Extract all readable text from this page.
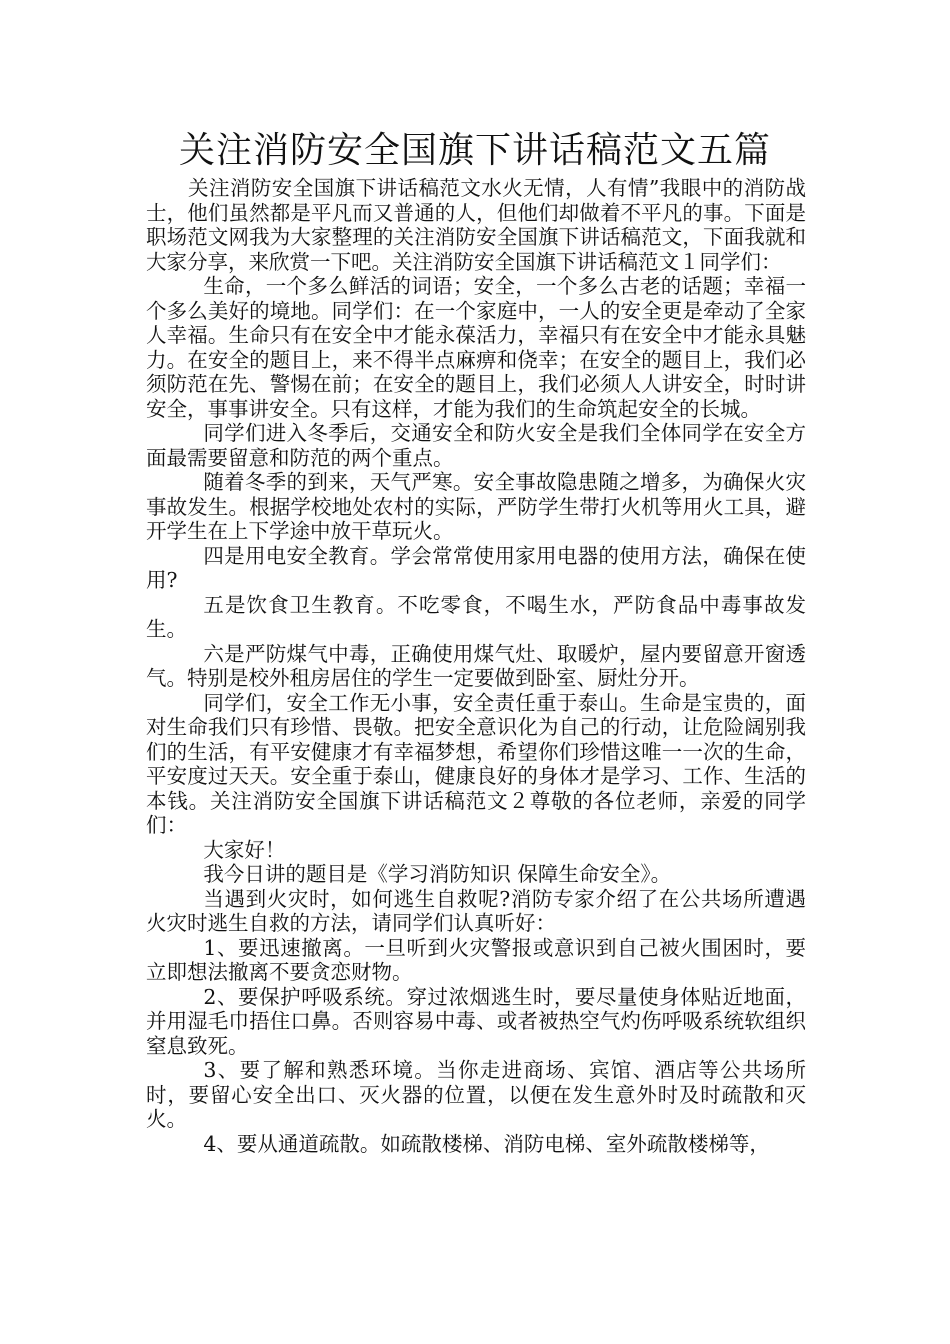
关注消防安全国旗下讲话稿范文五篇

关注消防安全国旗下讲话稿范文水火无情，人有情”我眼中的消防战士，他们虽然都是平凡而又普通的人，但他们却做着不平凡的事。下面是职场范文网我为大家整理的关注消防安全国旗下讲话稿范文，下面我就和大家分享，来欣赏一下吧。关注消防安全国旗下讲话稿范文１同学们：

生命，一个多么鲜活的词语；安全，一个多么古老的话题；幸福一个多么美好的境地。同学们：在一个家庭中，一人的安全更是牵动了全家人幸福。生命只有在安全中才能永葆活力，幸福只有在安全中才能永具魅力。在安全的题目上，来不得半点麻痹和侥幸；在安全的题目上，我们必须防范在先、警惕在前；在安全的题目上，我们必须人人讲安全，时时讲安全，事事讲安全。只有这样，才能为我们的生命筑起安全的长城。

同学们进入冬季后，交通安全和防火安全是我们全体同学在安全方面最需要留意和防范的两个重点。

随着冬季的到来，天气严寒。安全事故隐患随之增多，为确保火灾事故发生。根据学校地处农村的实际，严防学生带打火机等用火工具，避开学生在上下学途中放干草玩火。

四是用电安全教育。学会常常使用家用电器的使用方法，确保在使用?

五是饮食卫生教育。不吃零食，不喝生水，严防食品中毒事故发生。

六是严防煤气中毒，正确使用煤气灶、取暖炉，屋内要留意开窗透气。特别是校外租房居住的学生一定要做到卧室、厨灶分开。

同学们，安全工作无小事，安全责任重于泰山。生命是宝贵的，面对生命我们只有珍惜、畏敬。把安全意识化为自己的行动，让危险阔别我们的生活，有平安健康才有幸福梦想，希望你们珍惜这唯一一次的生命，平安度过天天。安全重于泰山，健康良好的身体才是学习、工作、生活的本钱。关注消防安全国旗下讲话稿范文２尊敬的各位老师，亲爱的同学们：

大家好！

我今日讲的题目是《学习消防知识 保障生命安全》。

当遇到火灾时，如何逃生自救呢?消防专家介绍了在公共场所遭遇火灾时逃生自救的方法，请同学们认真听好：

1、要迅速撤离。一旦听到火灾警报或意识到自己被火围困时，要立即想法撤离不要贪恋财物。

2、要保护呼吸系统。穿过浓烟逃生时，要尽量使身体贴近地面，并用湿毛巾捂住口鼻。否则容易中毒、或者被热空气灼伤呼吸系统软组织窒息致死。

3、要了解和熟悉环境。当你走进商场、宾馆、酒店等公共场所时，要留心安全出口、灭火器的位置，以便在发生意外时及时疏散和灭火。

4、要从通道疏散。如疏散楼梯、消防电梯、室外疏散楼梯等，
